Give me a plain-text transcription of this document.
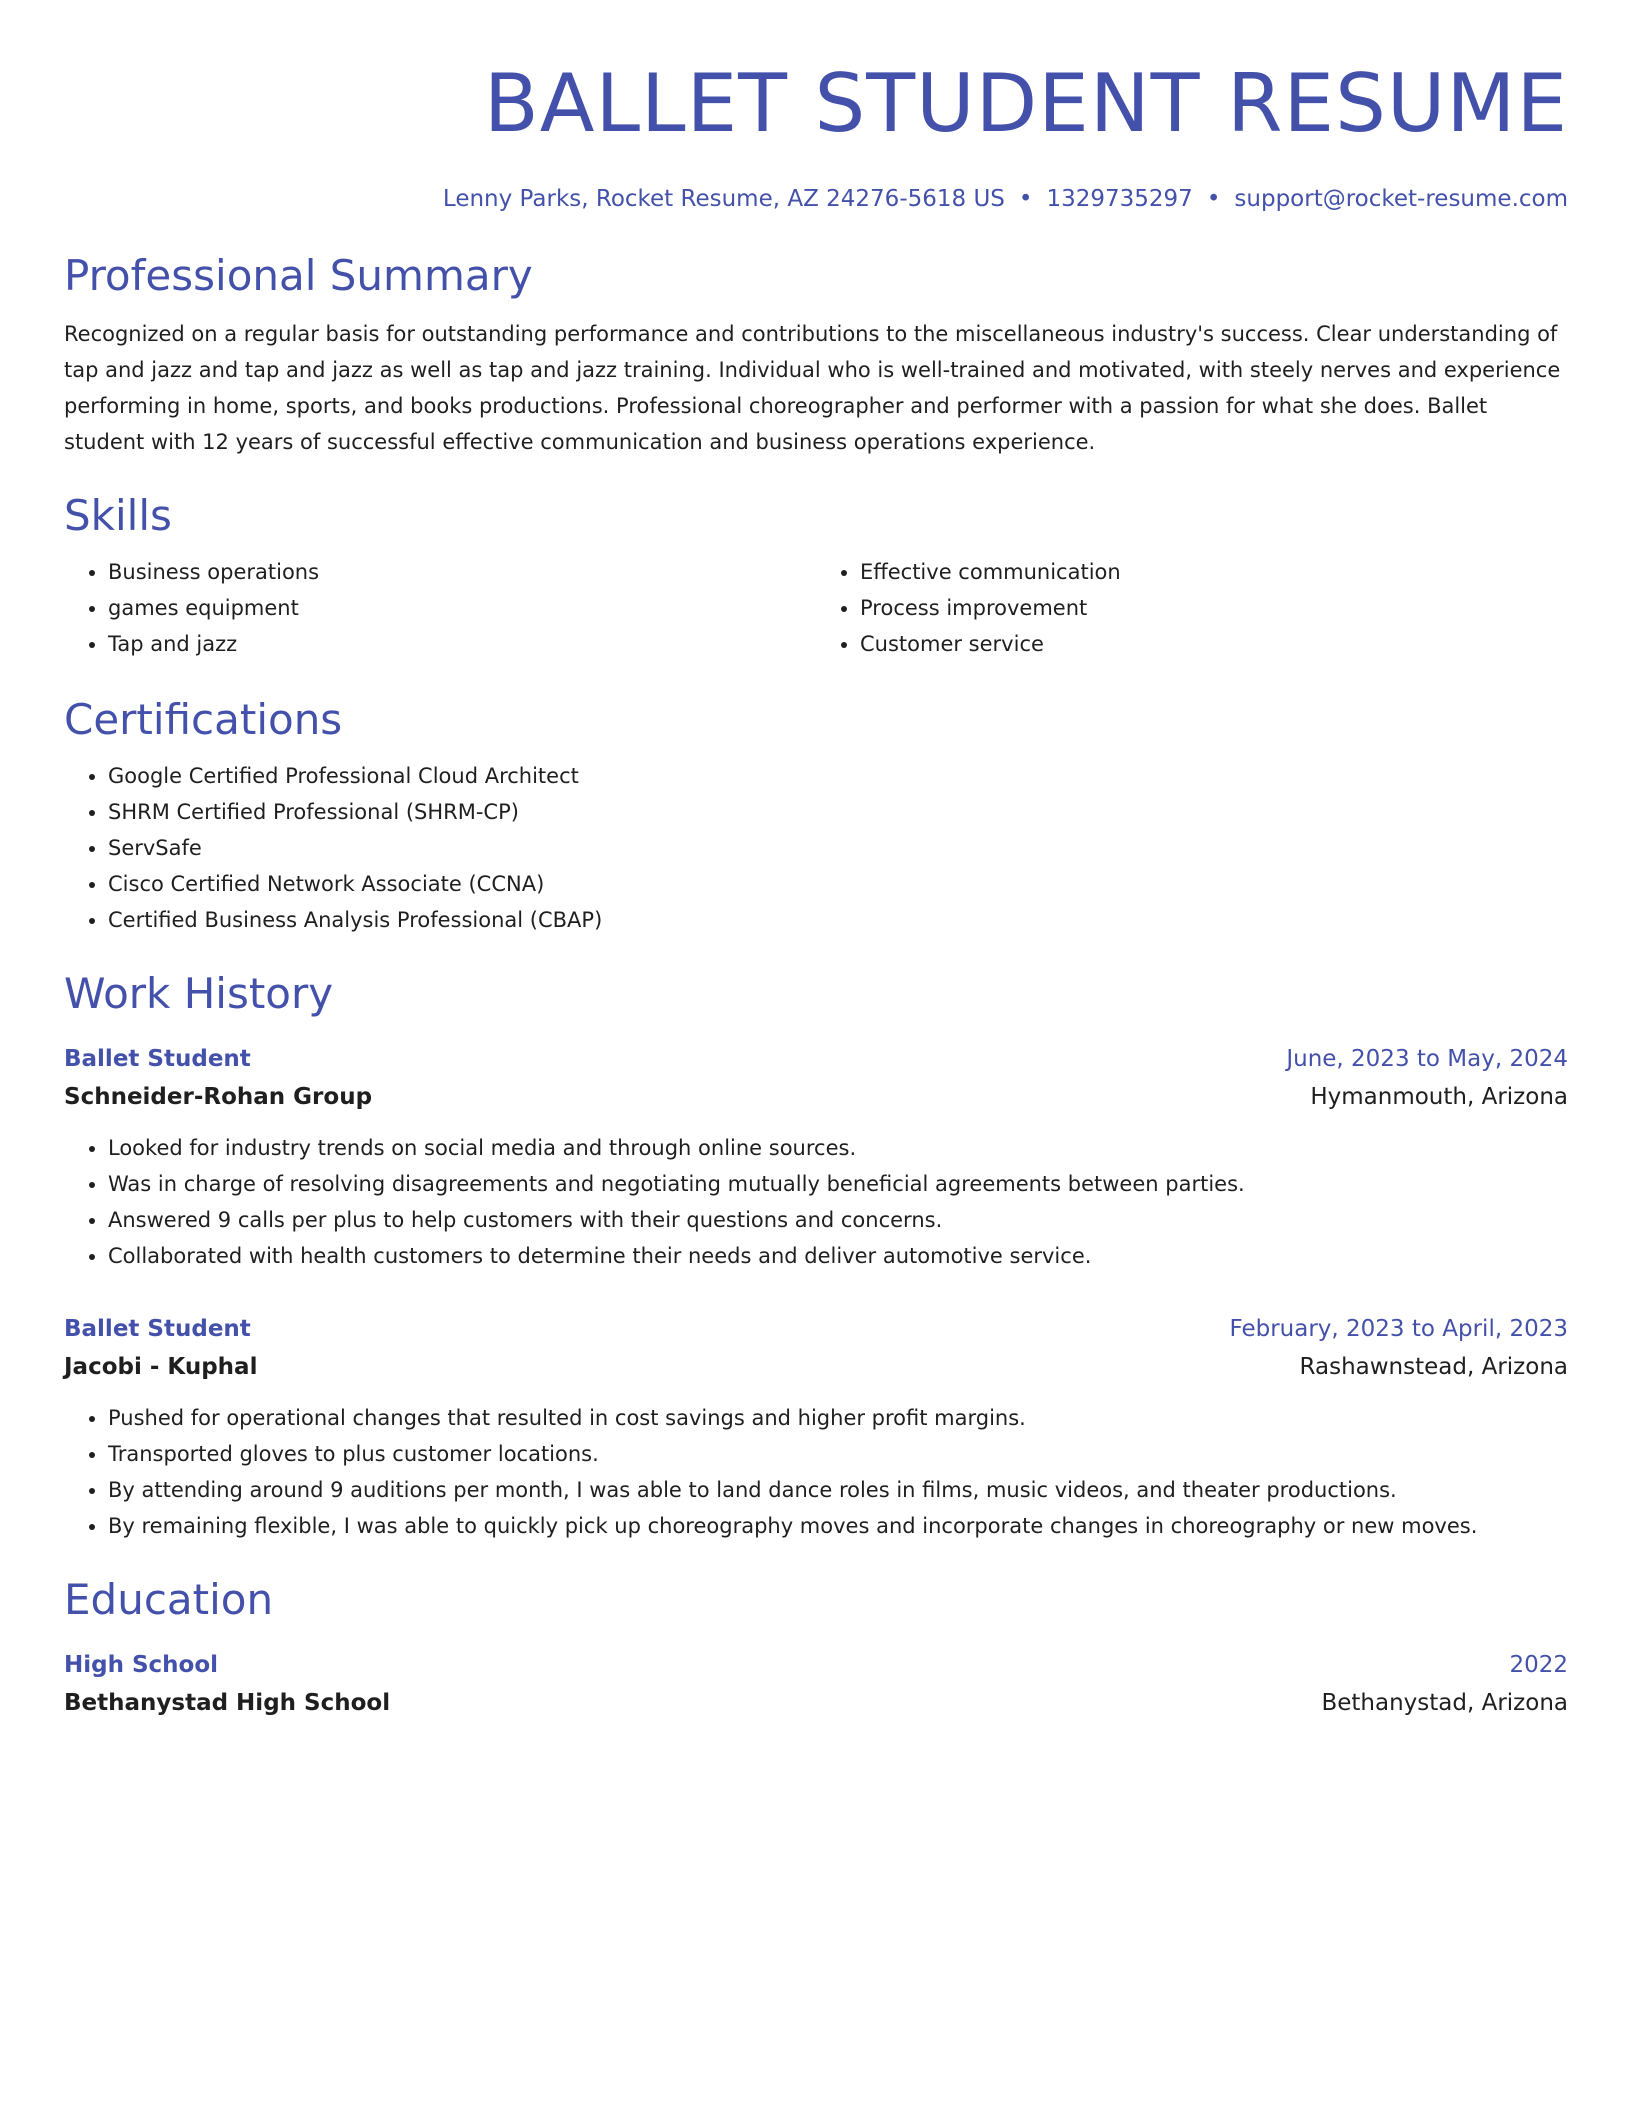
BALLET STUDENT RESUME
Lenny Parks, Rocket Resume, AZ 24276-5618 US • 1329735297 • support@rocket-resume.com
Professional Summary

Recognized on a regular basis for outstanding performance and contributions to the miscellaneous industry's success. Clear understanding of tap and jazz and tap and jazz as well as tap and jazz training. Individual who is well-trained and motivated, with steely nerves and experience performing in home, sports, and books productions. Professional choreographer and performer with a passion for what she does. Ballet student with 12 years of successful effective communication and business operations experience.

Skills
• Business operations
• games equipment
• Tap and jazz
• Effective communication
• Process improvement
• Customer service
Certifications
• Google Certified Professional Cloud Architect
• SHRM Certified Professional (SHRM-CP)
• ServSafe
• Cisco Certified Network Associate (CCNA)
• Certified Business Analysis Professional (CBAP)
Work History
Ballet Student	June, 2023 to May, 2024
Schneider-Rohan Group	Hymanmouth, Arizona
• Looked for industry trends on social media and through online sources.
• Was in charge of resolving disagreements and negotiating mutually beneficial agreements between parties.
• Answered 9 calls per plus to help customers with their questions and concerns.
• Collaborated with health customers to determine their needs and deliver automotive service.
Ballet Student	February, 2023 to April, 2023
Jacobi - Kuphal	Rashawnstead, Arizona
• Pushed for operational changes that resulted in cost savings and higher profit margins.
• Transported gloves to plus customer locations.
• By attending around 9 auditions per month, I was able to land dance roles in films, music videos, and theater productions.
• By remaining flexible, I was able to quickly pick up choreography moves and incorporate changes in choreography or new moves.
Education
High School	2022
Bethanystad High School	Bethanystad, Arizona
